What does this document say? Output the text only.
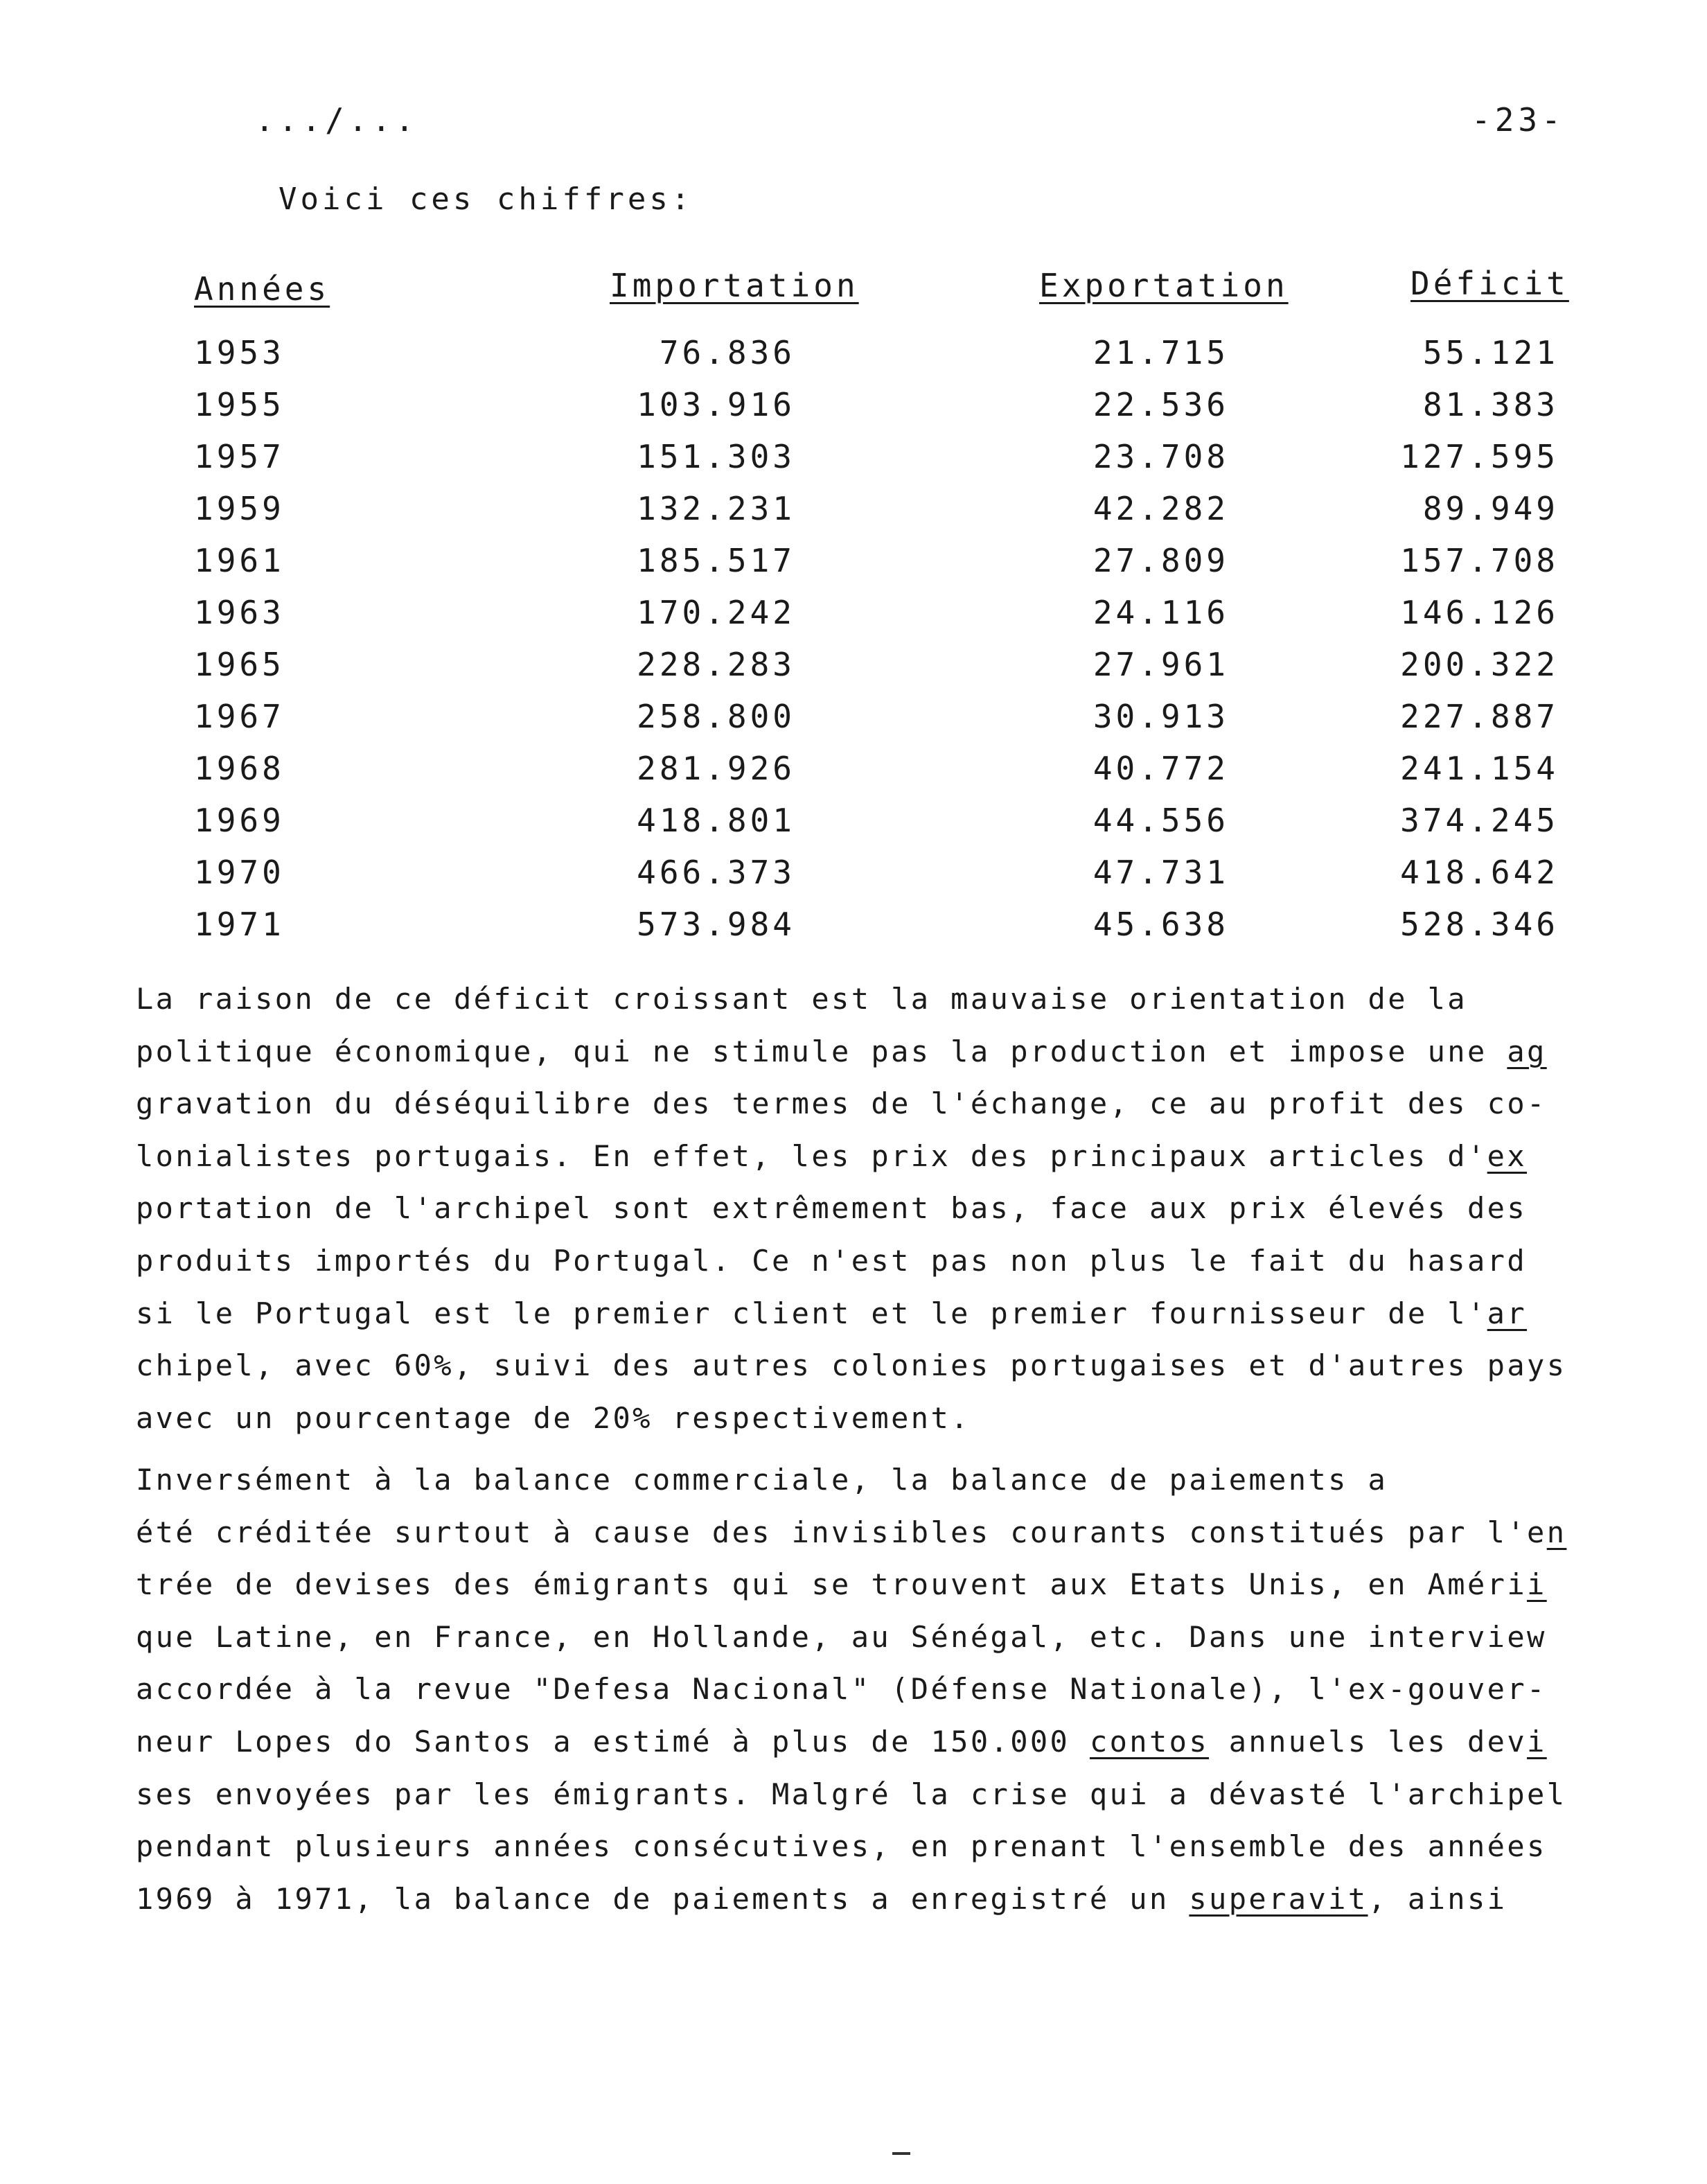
.../...	-23-
Voici ces chiffres:
Années	Importation	Exportation	Déficit
1953	76.836	21.715	55.121
1955	103.916	22.536	81.383
1957	151.303	23.708	127.595
1959	132.231	42.282	89.949
1961	185.517	27.809	157.708
1963	170.242	24.116	146.126
1965	228.283	27.961	200.322
1967	258.800	30.913	227.887
1968	281.926	40.772	241.154
1969	418.801	44.556	374.245
1970	466.373	47.731	418.642
1971	573.984	45.638	528.346
La raison de ce déficit croissant est la mauvaise orientation de la
politique économique, qui ne stimule pas la production et impose une ag
gravation du déséquilibre des termes de l'échange, ce au profit des co-
lonialistes portugais. En effet, les prix des principaux articles d'ex
portation de l'archipel sont extrêmement bas, face aux prix élevés des
produits importés du Portugal. Ce n'est pas non plus le fait du hasard
si le Portugal est le premier client et le premier fournisseur de l'ar
chipel, avec 60%, suivi des autres colonies portugaises et d'autres pays
avec un pourcentage de 20% respectivement.
Inversément à la balance commerciale, la balance de paiements a
été créditée surtout à cause des invisibles courants constitués par l'en
trée de devises des émigrants qui se trouvent aux Etats Unis, en Amérii
que Latine, en France, en Hollande, au Sénégal, etc. Dans une interview
accordée à la revue "Defesa Nacional" (Défense Nationale), l'ex-gouver-
neur Lopes do Santos a estimé à plus de 150.000 contos annuels les devi
ses envoyées par les émigrants. Malgré la crise qui a dévasté l'archipel
pendant plusieurs années consécutives, en prenant l'ensemble des années
1969 à 1971, la balance de paiements a enregistré un superavit, ainsi
